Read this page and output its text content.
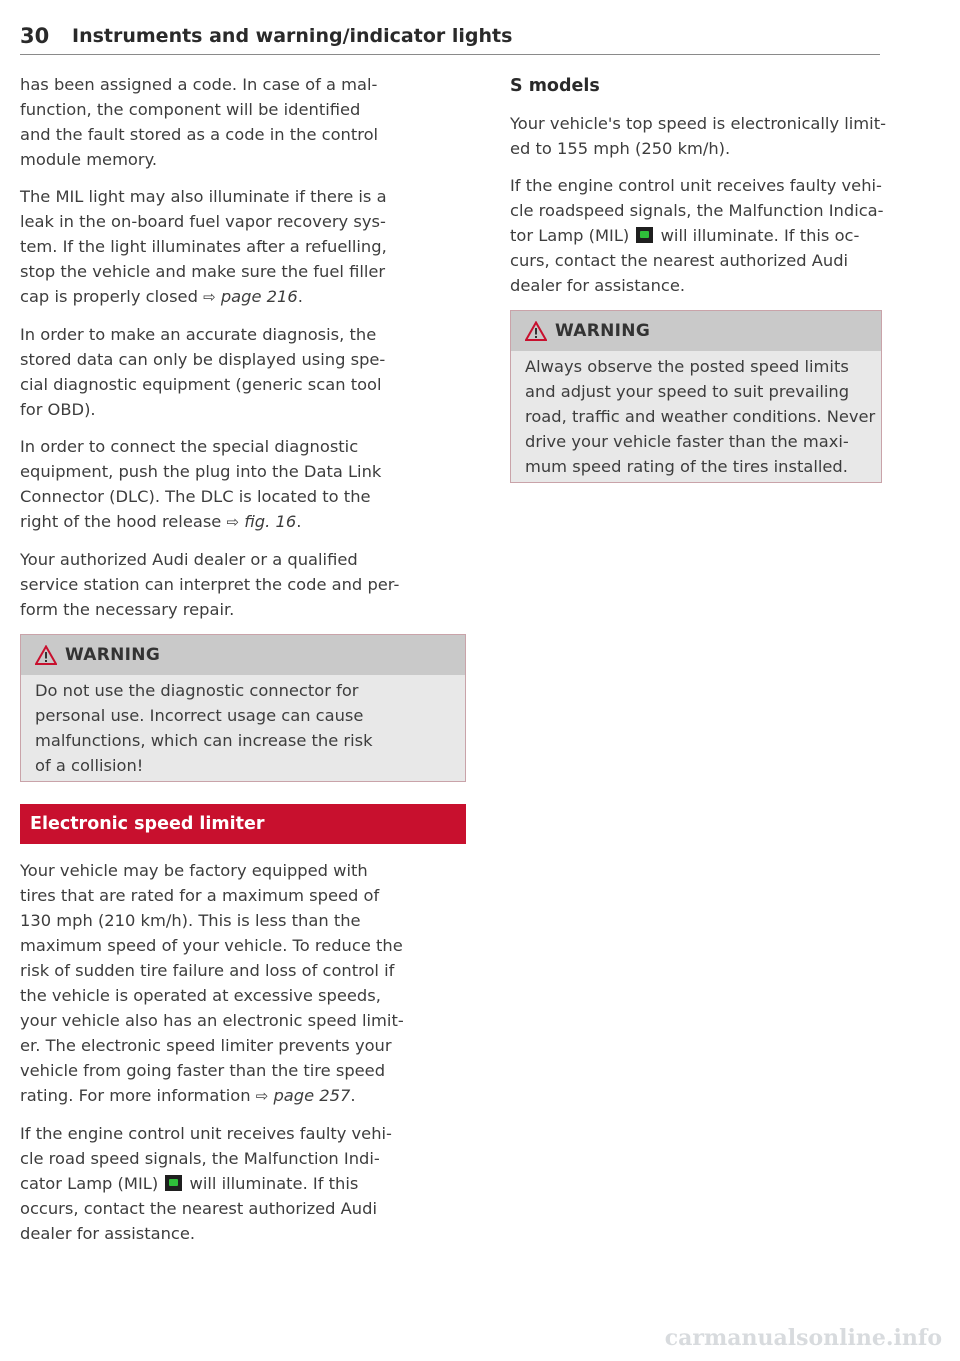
30 Instruments and warning/indicator lights

has been assigned a code. In case of a mal-
function, the component will be identified
and the fault stored as a code in the control
module memory.

The MIL light may also illuminate if there is a
leak in the on-board fuel vapor recovery sys-
tem. If the light illuminates after a refuelling,
stop the vehicle and make sure the fuel filler
cap is properly closed ⇨ page 216.

In order to make an accurate diagnosis, the
stored data can only be displayed using spe-
cial diagnostic equipment (generic scan tool
for OBD).

In order to connect the special diagnostic
equipment, push the plug into the Data Link
Connector (DLC). The DLC is located to the
right of the hood release ⇨ fig. 16.

Your authorized Audi dealer or a qualified
service station can interpret the code and per-
form the necessary repair.

WARNING
Do not use the diagnostic connector for
personal use. Incorrect usage can cause
malfunctions, which can increase the risk
of a collision!
Electronic speed limiter

Your vehicle may be factory equipped with
tires that are rated for a maximum speed of
130 mph (210 km/h). This is less than the
maximum speed of your vehicle. To reduce the
risk of sudden tire failure and loss of control if
the vehicle is operated at excessive speeds,
your vehicle also has an electronic speed limit-
er. The electronic speed limiter prevents your
vehicle from going faster than the tire speed
rating. For more information ⇨ page 257.

If the engine control unit receives faulty vehi-
cle road speed signals, the Malfunction Indi-
cator Lamp (MIL)  will illuminate. If this
occurs, contact the nearest authorized Audi
dealer for assistance.

S models

Your vehicle's top speed is electronically limit-
ed to 155 mph (250 km/h).

If the engine control unit receives faulty vehi-
cle roadspeed signals, the Malfunction Indica-
tor Lamp (MIL)  will illuminate. If this oc-
curs, contact the nearest authorized Audi
dealer for assistance.

WARNING
Always observe the posted speed limits
and adjust your speed to suit prevailing
road, traffic and weather conditions. Never
drive your vehicle faster than the maxi-
mum speed rating of the tires installed.
carmanualsonline.info
